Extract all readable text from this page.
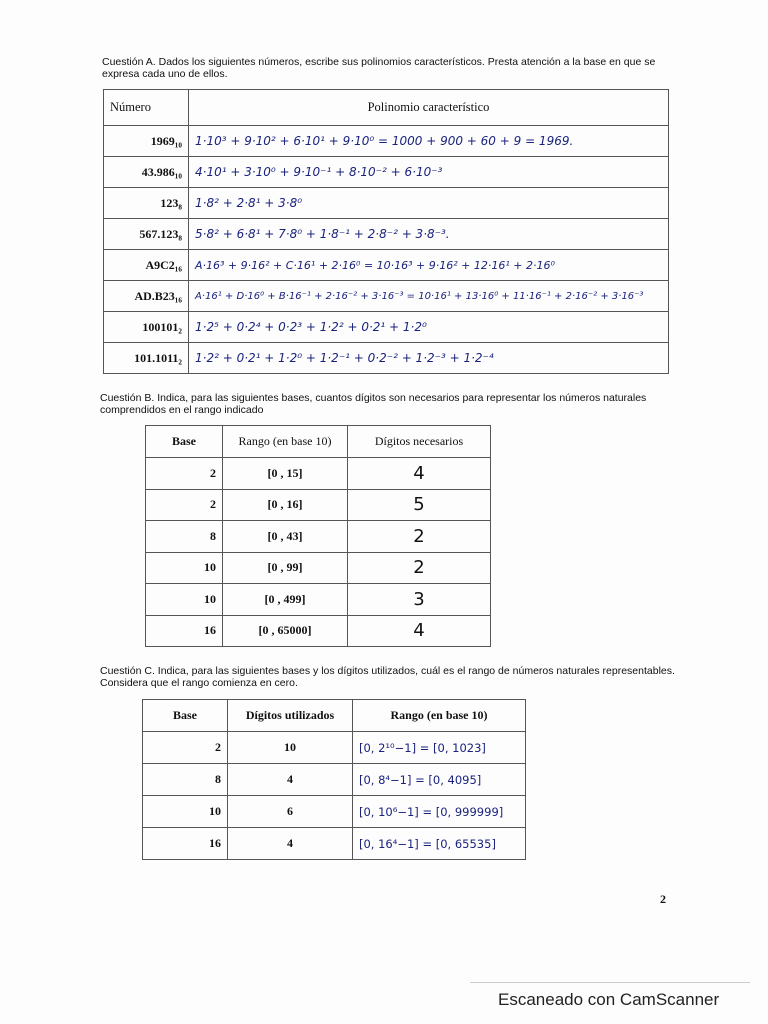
Cuestión A. Dados los siguientes números, escribe sus polinomios característicos. Presta atención a la base en que se expresa cada uno de ellos.
Número	Polinomio característico
1969₁₀	1·10³ + 9·10² + 6·10¹ + 9·10⁰ = 1000 + 900 + 60 + 9 = 1969.
43.986₁₀	4·10¹ + 3·10⁰ + 9·10⁻¹ + 8·10⁻² + 6·10⁻³
123₈	1·8² + 2·8¹ + 3·8⁰
567.123₈	5·8² + 6·8¹ + 7·8⁰ + 1·8⁻¹ + 2·8⁻² + 3·8⁻³.
A9C2₁₆	A·16³ + 9·16² + C·16¹ + 2·16⁰ = 10·16³ + 9·16² + 12·16¹ + 2·16⁰
AD.B23₁₆	A·16¹ + D·16⁰ + B·16⁻¹ + 2·16⁻² + 3·16⁻³ = 10·16¹ + 13·16⁰ + 11·16⁻¹ + 2·16⁻² + 3·16⁻³
100101₂	1·2⁵ + 0·2⁴ + 0·2³ + 1·2² + 0·2¹ + 1·2⁰
101.1011₂	1·2² + 0·2¹ + 1·2⁰ + 1·2⁻¹ + 0·2⁻² + 1·2⁻³ + 1·2⁻⁴
Cuestión B. Indica, para las siguientes bases, cuantos dígitos son necesarios para representar los números naturales comprendidos en el rango indicado
Base	Rango (en base 10)	Dígitos necesarios
2	[0 , 15]	4
2	[0 , 16]	5
8	[0 , 43]	2
10	[0 , 99]	2
10	[0 , 499]	3
16	[0 , 65000]	4
Cuestión C. Indica, para las siguientes bases y los dígitos utilizados, cuál es el rango de números naturales representables. Considera que el rango comienza en cero.
Base	Dígitos utilizados	Rango (en base 10)
2	10	[0, 2¹⁰−1] = [0, 1023]
8	4	[0, 8⁴−1] = [0, 4095]
10	6	[0, 10⁶−1] = [0, 999999]
16	4	[0, 16⁴−1] = [0, 65535]
2
Escaneado con CamScanner
